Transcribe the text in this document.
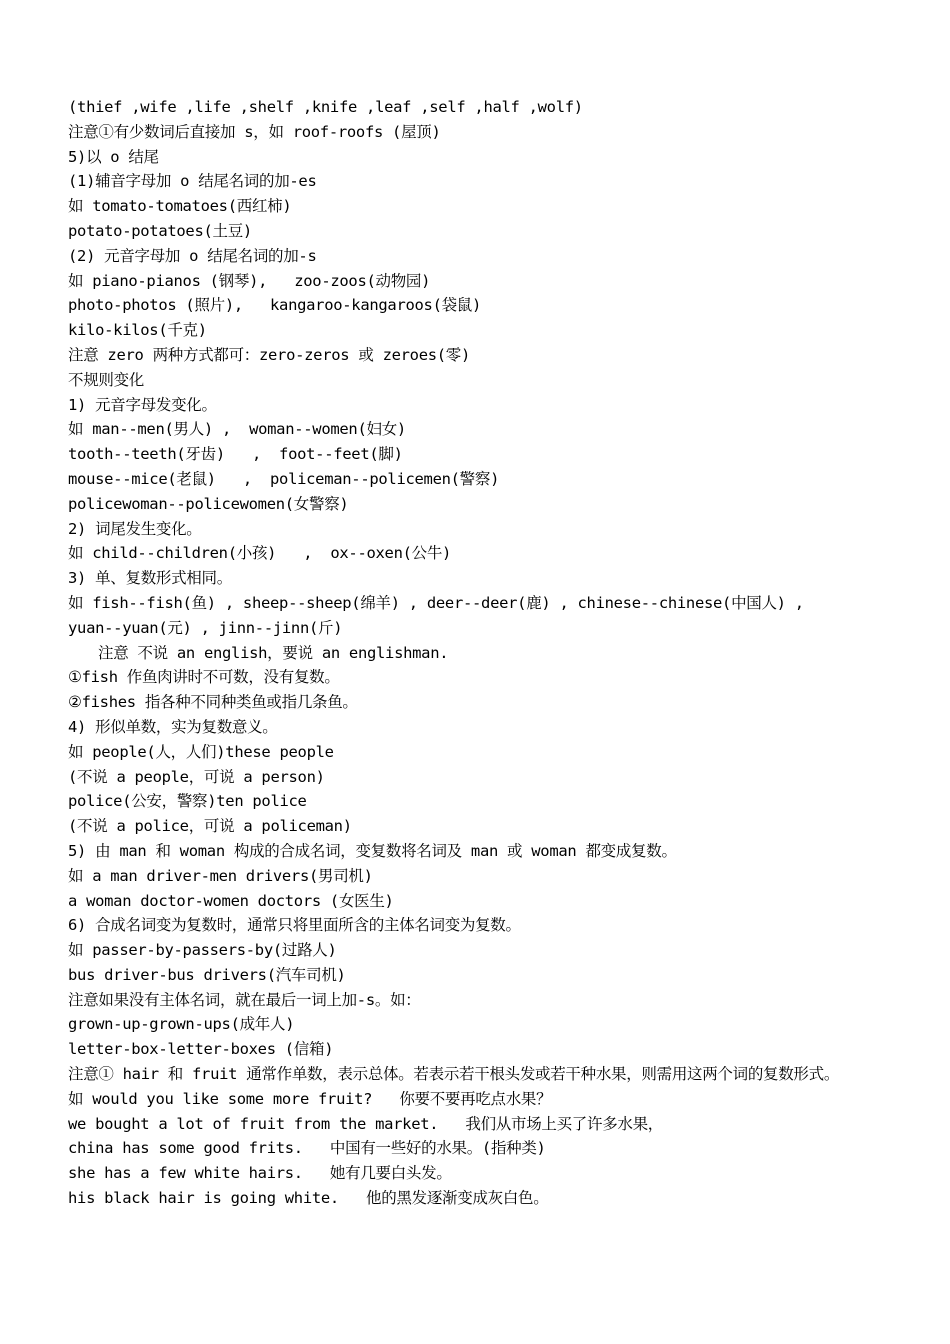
(thief ,wife ,life ,shelf ,knife ,leaf ,self ,half ,wolf)
注意①有少数词后直接加 s，如 roof-roofs (屋顶)
5)以 o 结尾
(1)辅音字母加 o 结尾名词的加-es
如 tomato-tomatoes(西红柿)
potato-potatoes(土豆)
(2) 元音字母加 o 结尾名词的加-s
如 piano-pianos (钢琴),   zoo-zoos(动物园)
photo-photos (照片),   kangaroo-kangaroos(袋鼠)
kilo-kilos(千克)
注意 zero 两种方式都可：zero-zeros 或 zeroes(零)
不规则变化
1) 元音字母发变化。
如 man--men(男人) ,  woman--women(妇女)
tooth--teeth(牙齿)   ,  foot--feet(脚)
mouse--mice(老鼠)   ,  policeman--policemen(警察)
policewoman--policewomen(女警察)
2) 词尾发生变化。
如 child--children(小孩)   ,  ox--oxen(公牛)
3) 单、复数形式相同。
如 fish--fish(鱼) , sheep--sheep(绵羊) , deer--deer(鹿) , chinese--chinese(中国人) ,
yuan--yuan(元) , jinn--jinn(斤)
注意 不说 an english，要说 an englishman.
①fish 作鱼肉讲时不可数，没有复数。
②fishes 指各种不同种类鱼或指几条鱼。
4) 形似单数，实为复数意义。
如 people(人，人们)these people
(不说 a people，可说 a person)
police(公安，警察)ten police
(不说 a police，可说 a policeman)
5) 由 man 和 woman 构成的合成名词，变复数将名词及 man 或 woman 都变成复数。
如 a man driver-men drivers(男司机)
a woman doctor-women doctors (女医生)
6) 合成名词变为复数时，通常只将里面所含的主体名词变为复数。
如 passer-by-passers-by(过路人)
bus driver-bus drivers(汽车司机)
注意如果没有主体名词，就在最后一词上加-s。如：
grown-up-grown-ups(成年人)
letter-box-letter-boxes (信箱)
注意① hair 和 fruit 通常作单数，表示总体。若表示若干根头发或若干种水果，则需用这两个词的复数形式。
如 would you like some more fruit?   你要不要再吃点水果？
we bought a lot of fruit from the market.   我们从市场上买了许多水果，
china has some good frits.   中国有一些好的水果。(指种类)
she has a few white hairs.   她有几要白头发。
his black hair is going white.   他的黑发逐渐变成灰白色。
